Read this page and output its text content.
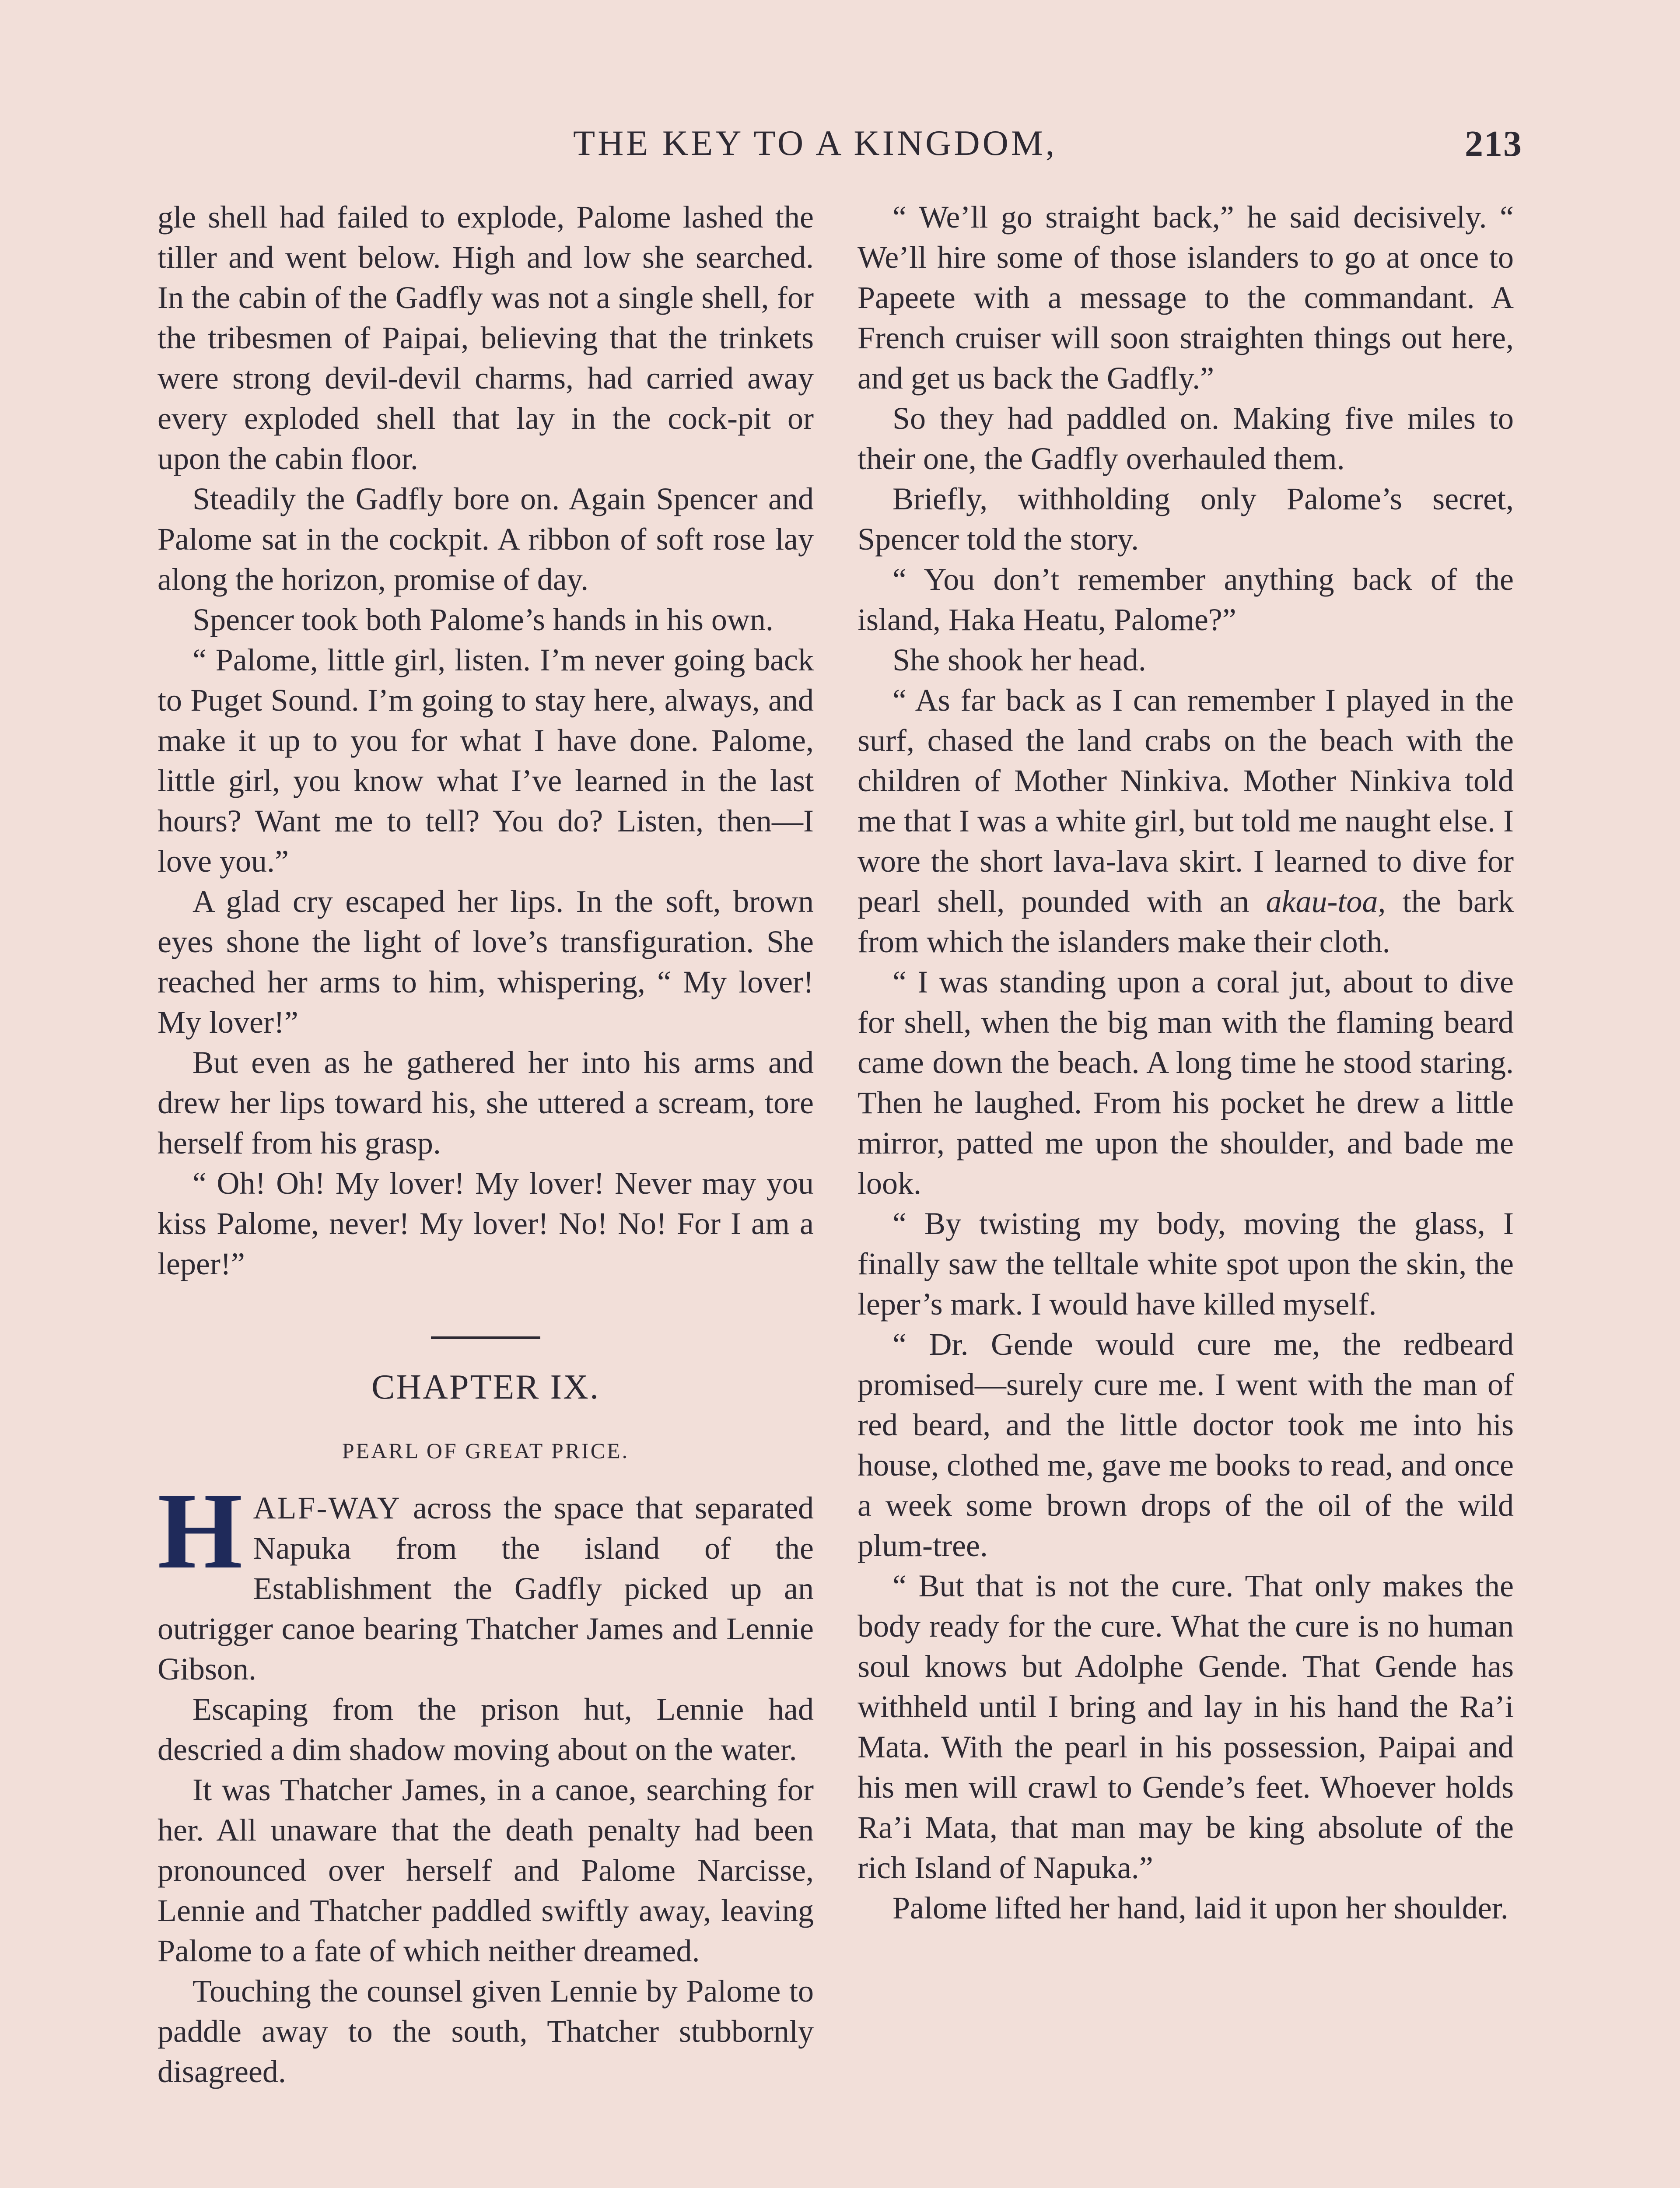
THE KEY TO A KINGDOM,	213

gle shell had failed to explode, Palome lashed the tiller and went below. High and low she searched. In the cabin of the Gadfly was not a single shell, for the tribesmen of Paipai, believing that the trinkets were strong devil-devil charms, had carried away every exploded shell that lay in the cock-pit or upon the cabin floor.

Steadily the Gadfly bore on. Again Spencer and Palome sat in the cockpit. A ribbon of soft rose lay along the horizon, promise of day.

Spencer took both Palome’s hands in his own.

“ Palome, little girl, listen. I’m never going back to Puget Sound. I’m going to stay here, always, and make it up to you for what I have done. Palome, little girl, you know what I’ve learned in the last hours? Want me to tell? You do? Listen, then—I love you.”

A glad cry escaped her lips. In the soft, brown eyes shone the light of love’s transfiguration. She reached her arms to him, whispering, “ My lover! My lover!”

But even as he gathered her into his arms and drew her lips toward his, she uttered a scream, tore herself from his grasp.

“ Oh! Oh! My lover! My lover! Never may you kiss Palome, never! My lover! No! No! For I am a leper!”

CHAPTER IX.
PEARL OF GREAT PRICE.

HALF-WAY across the space that separated Napuka from the island of the Establishment the Gadfly picked up an outrigger canoe bearing Thatcher James and Lennie Gibson.

Escaping from the prison hut, Lennie had descried a dim shadow moving about on the water.

It was Thatcher James, in a canoe, searching for her. All unaware that the death penalty had been pronounced over herself and Palome Narcisse, Lennie and Thatcher paddled swiftly away, leaving Palome to a fate of which neither dreamed.

Touching the counsel given Lennie by Palome to paddle away to the south, Thatcher stubbornly disagreed.

“ We’ll go straight back,” he said decisively. “ We’ll hire some of those islanders to go at once to Papeete with a message to the commandant. A French cruiser will soon straighten things out here, and get us back the Gadfly.”

So they had paddled on. Making five miles to their one, the Gadfly overhauled them.

Briefly, withholding only Palome’s secret, Spencer told the story.

“ You don’t remember anything back of the island, Haka Heatu, Palome?”

She shook her head.

“ As far back as I can remember I played in the surf, chased the land crabs on the beach with the children of Mother Ninkiva. Mother Ninkiva told me that I was a white girl, but told me naught else. I wore the short lava-lava skirt. I learned to dive for pearl shell, pounded with an akau-toa, the bark from which the islanders make their cloth.

“ I was standing upon a coral jut, about to dive for shell, when the big man with the flaming beard came down the beach. A long time he stood staring. Then he laughed. From his pocket he drew a little mirror, patted me upon the shoulder, and bade me look.

“ By twisting my body, moving the glass, I finally saw the telltale white spot upon the skin, the leper’s mark. I would have killed myself.

“ Dr. Gende would cure me, the redbeard promised—surely cure me. I went with the man of red beard, and the little doctor took me into his house, clothed me, gave me books to read, and once a week some brown drops of the oil of the wild plum-tree.

“ But that is not the cure. That only makes the body ready for the cure. What the cure is no human soul knows but Adolphe Gende. That Gende has withheld until I bring and lay in his hand the Ra’i Mata. With the pearl in his possession, Paipai and his men will crawl to Gende’s feet. Whoever holds Ra’i Mata, that man may be king absolute of the rich Island of Napuka.”

Palome lifted her hand, laid it upon her shoulder.
